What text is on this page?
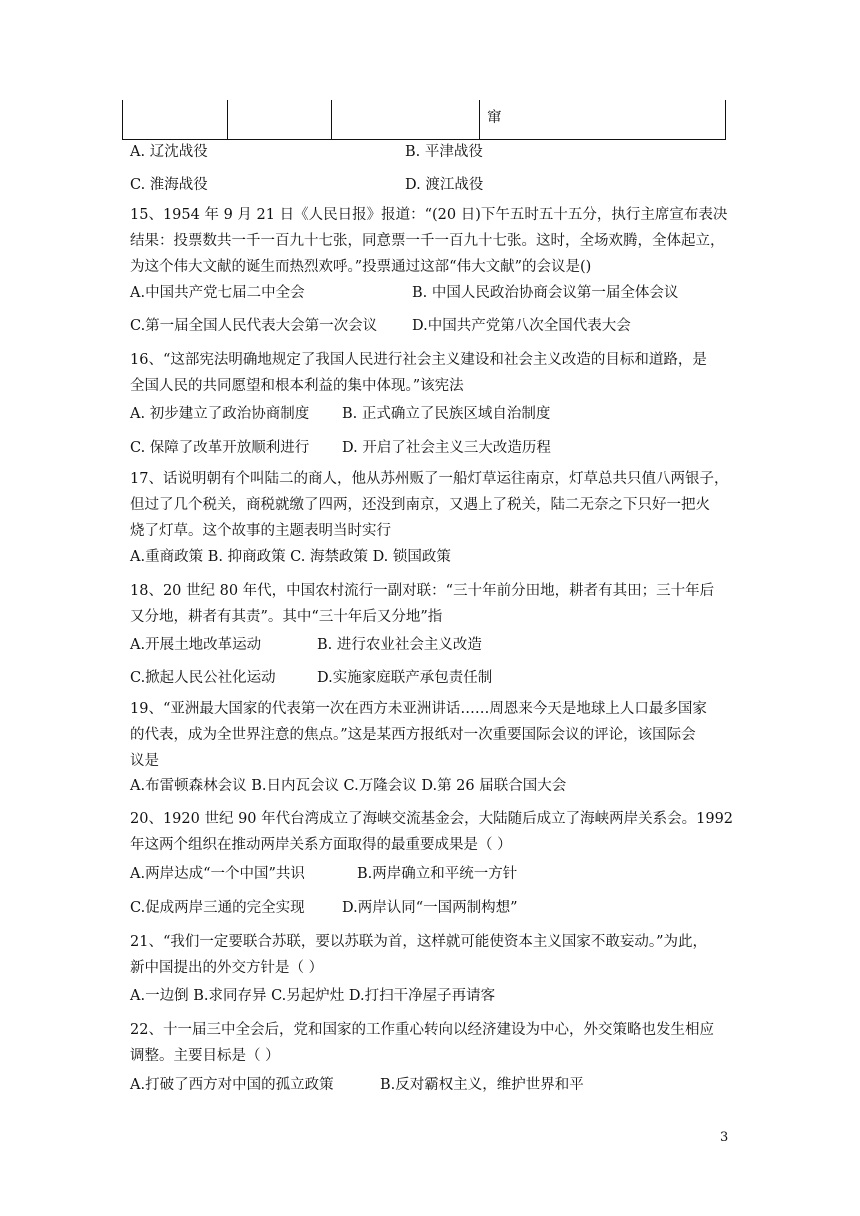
窜
A. 辽沈战役	B. 平津战役
C. 淮海战役	D. 渡江战役
15、1954 年 9 月 21 日《人民日报》报道：“(20 日)下午五时五十五分，执行主席宣布表决
结果：投票数共一千一百九十七张，同意票一千一百九十七张。这时，全场欢腾，全体起立，
为这个伟大文献的诞生而热烈欢呼。”投票通过这部“伟大文献”的会议是()
A.中国共产党七届二中全会	B. 中国人民政治协商会议第一届全体会议
C.第一届全国人民代表大会第一次会议 D.中国共产党第八次全国代表大会
16、“这部宪法明确地规定了我国人民进行社会主义建设和社会主义改造的目标和道路，是
全国人民的共同愿望和根本利益的集中体现。”该宪法
A. 初步建立了政治协商制度 B. 正式确立了民族区域自治制度
C. 保障了改革开放顺利进行 D. 开启了社会主义三大改造历程
17、话说明朝有个叫陆二的商人，他从苏州贩了一船灯草运往南京，灯草总共只值八两银子，
但过了几个税关，商税就缴了四两，还没到南京，又遇上了税关，陆二无奈之下只好一把火
烧了灯草。这个故事的主题表明当时实行
A.重商政策 B. 抑商政策 C. 海禁政策 D. 锁国政策
18、20 世纪 80 年代，中国农村流行一副对联：“三十年前分田地，耕者有其田；三十年后
又分地，耕者有其责”。其中“三十年后又分地”指
A.开展土地改革运动	B. 进行农业社会主义改造
C.掀起人民公社化运动	D.实施家庭联产承包责任制
19、“亚洲最大国家的代表第一次在西方未亚洲讲话……周恩来今天是地球上人口最多国家
的代表，成为全世界注意的焦点。”这是某西方报纸对一次重要国际会议的评论，该国际会
议是
A.布雷顿森林会议 B.日内瓦会议 C.万隆会议 D.第 26 届联合国大会
20、1920 世纪 90 年代台湾成立了海峡交流基金会，大陆随后成立了海峡两岸关系会。1992
年这两个组织在推动两岸关系方面取得的最重要成果是（ ）
A.两岸达成“一个中国”共识	B.两岸确立和平统一方针
C.促成两岸三通的完全实现	D.两岸认同“一国两制构想”
21、“我们一定要联合苏联，要以苏联为首，这样就可能使资本主义国家不敢妄动。”为此，
新中国提出的外交方针是（ ）
A.一边倒 B.求同存异 C.另起炉灶 D.打扫干净屋子再请客
22、十一届三中全会后，党和国家的工作重心转向以经济建设为中心，外交策略也发生相应
调整。主要目标是（ ）
A.打破了西方对中国的孤立政策	B.反对霸权主义，维护世界和平
3
